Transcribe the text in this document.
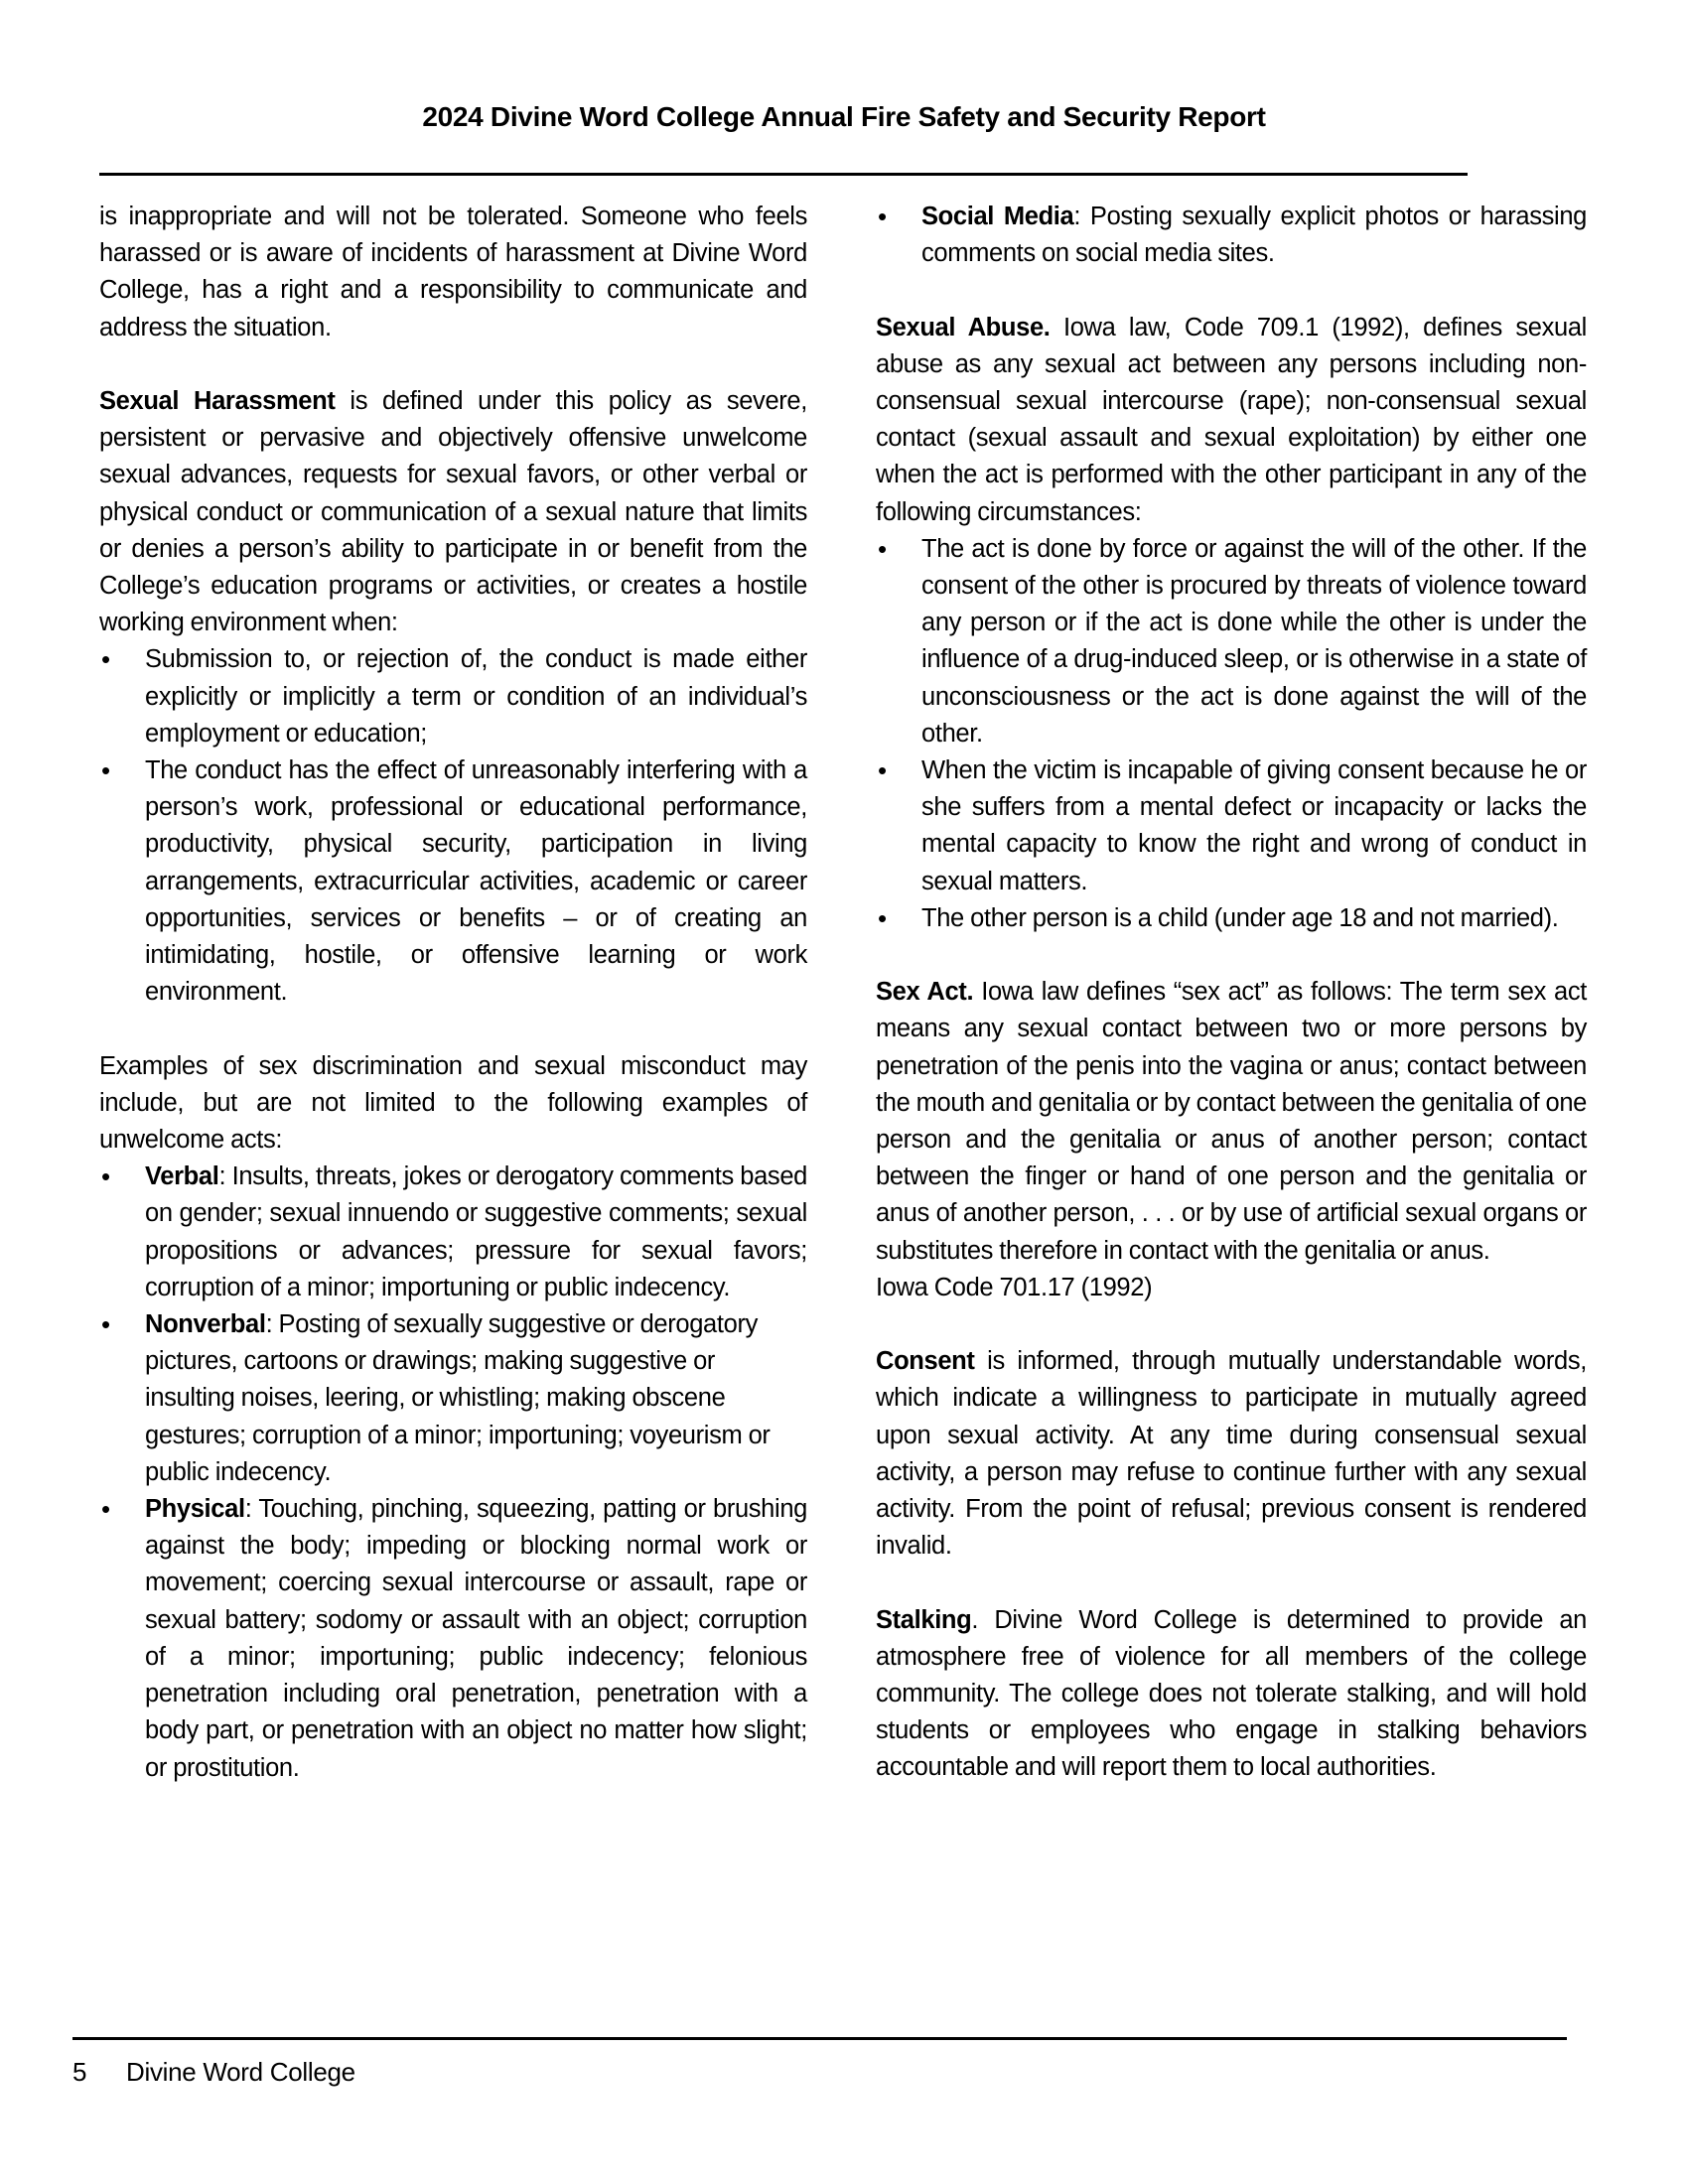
2024 Divine Word College Annual Fire Safety and Security Report

is inappropriate and will not be tolerated. Someone who feels harassed or is aware of incidents of harassment at Divine Word College, has a right and a responsibility to communicate and address the situation.

Sexual Harassment is defined under this policy as severe, persistent or pervasive and objectively offensive unwelcome sexual advances, requests for sexual favors, or other verbal or physical conduct or communication of a sexual nature that limits or denies a person’s ability to participate in or benefit from the College’s education programs or activities, or creates a hostile working environment when:

• Submission to, or rejection of, the conduct is made either explicitly or implicitly a term or condition of an individual’s employment or education;
• The conduct has the effect of unreasonably interfering with a person’s work, professional or educational performance, productivity, physical security, participation in living arrangements, extracurricular activities, academic or career opportunities, services or benefits – or of creating an intimidating, hostile, or offensive learning or work environment.

Examples of sex discrimination and sexual misconduct may include, but are not limited to the following examples of unwelcome acts:

• Verbal: Insults, threats, jokes or derogatory comments based on gender; sexual innuendo or suggestive comments; sexual propositions or advances; pressure for sexual favors; corruption of a minor; importuning or public indecency.
• Nonverbal: Posting of sexually suggestive or derogatory pictures, cartoons or drawings; making suggestive or insulting noises, leering, or whistling; making obscene gestures; corruption of a minor; importuning; voyeurism or public indecency.
• Physical: Touching, pinching, squeezing, patting or brushing against the body; impeding or blocking normal work or movement; coercing sexual intercourse or assault, rape or sexual battery; sodomy or assault with an object; corruption of a minor; importuning; public indecency; felonious penetration including oral penetration, penetration with a body part, or penetration with an object no matter how slight; or prostitution.
• Social Media: Posting sexually explicit photos or harassing comments on social media sites.

Sexual Abuse. Iowa law, Code 709.1 (1992), defines sexual abuse as any sexual act between any persons including non-consensual sexual intercourse (rape); non-consensual sexual contact (sexual assault and sexual exploitation) by either one when the act is performed with the other participant in any of the following circumstances:

• The act is done by force or against the will of the other. If the consent of the other is procured by threats of violence toward any person or if the act is done while the other is under the influence of a drug-induced sleep, or is otherwise in a state of unconsciousness or the act is done against the will of the other.
• When the victim is incapable of giving consent because he or she suffers from a mental defect or incapacity or lacks the mental capacity to know the right and wrong of conduct in sexual matters.
• The other person is a child (under age 18 and not married).

Sex Act. Iowa law defines “sex act” as follows: The term sex act means any sexual contact between two or more persons by penetration of the penis into the vagina or anus; contact between the mouth and genitalia or by contact between the genitalia of one person and the genitalia or anus of another person; contact between the finger or hand of one person and the genitalia or anus of another person, . . . or by use of artificial sexual organs or substitutes therefore in contact with the genitalia or anus.
Iowa Code 701.17 (1992)

Consent is informed, through mutually understandable words, which indicate a willingness to participate in mutually agreed upon sexual activity. At any time during consensual sexual activity, a person may refuse to continue further with any sexual activity. From the point of refusal; previous consent is rendered invalid.

Stalking. Divine Word College is determined to provide an atmosphere free of violence for all members of the college community. The college does not tolerate stalking, and will hold students or employees who engage in stalking behaviors accountable and will report them to local authorities.

5 Divine Word College
